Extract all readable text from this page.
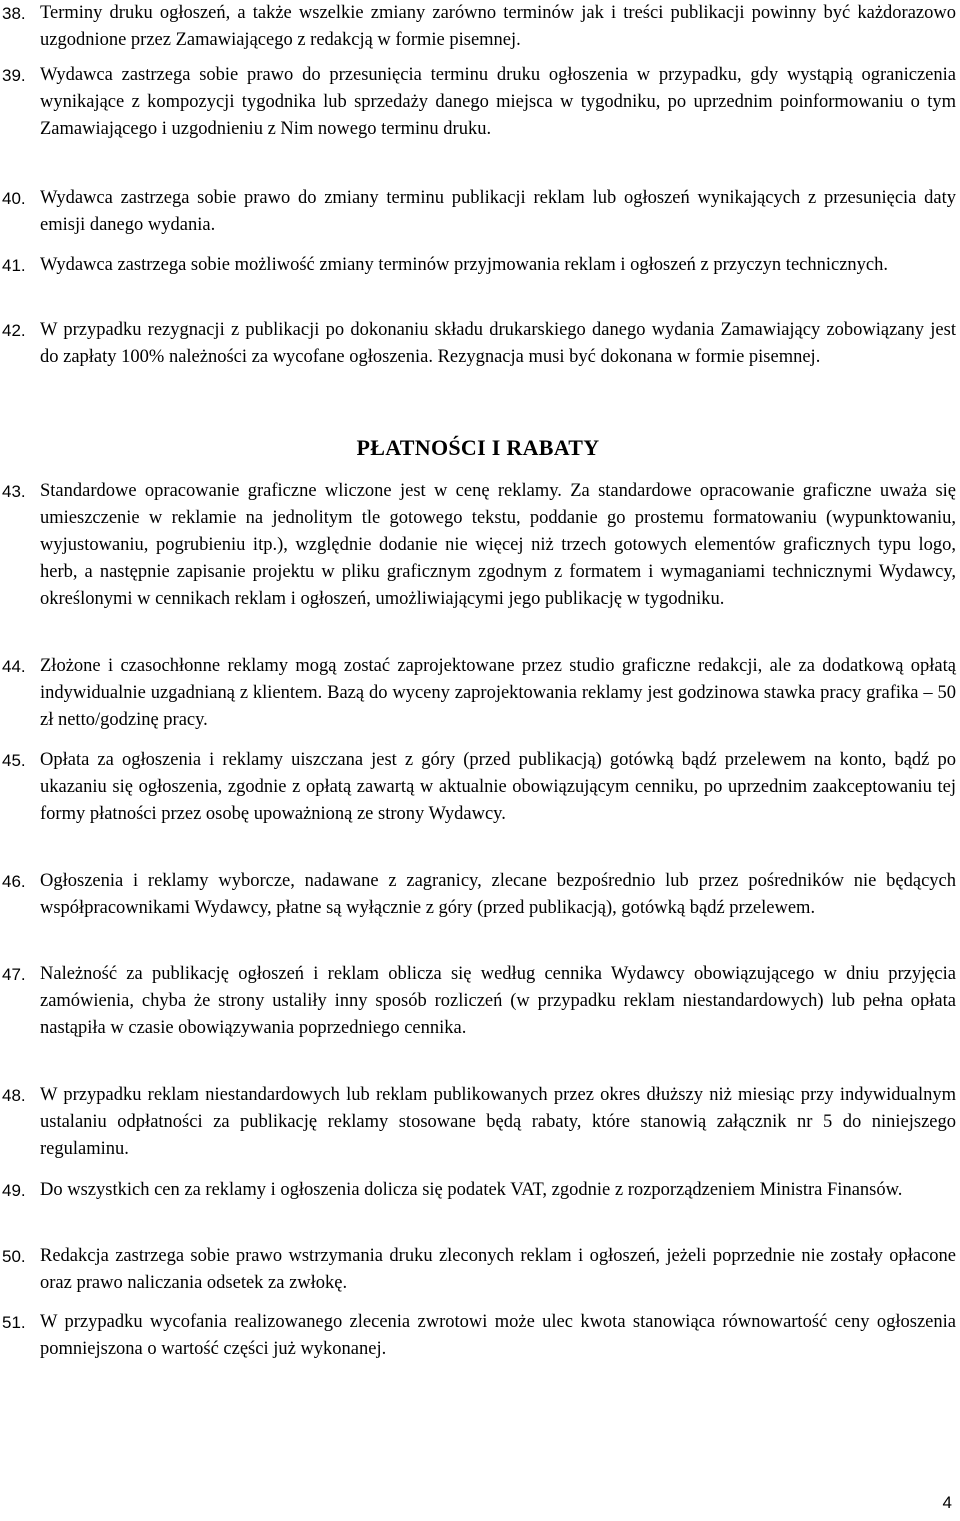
38. Terminy druku ogłoszeń, a także wszelkie zmiany zarówno terminów jak i treści publikacji powinny być każdorazowo uzgodnione przez Zamawiającego z redakcją w formie pisemnej.
39. Wydawca zastrzega sobie prawo do przesunięcia terminu druku ogłoszenia w przypadku, gdy wystąpią ograniczenia wynikające z kompozycji tygodnika lub sprzedaży danego miejsca w tygodniku, po uprzednim poinformowaniu o tym Zamawiającego i uzgodnieniu z Nim nowego terminu druku.
40. Wydawca zastrzega sobie prawo do zmiany terminu publikacji reklam lub ogłoszeń wynikających z przesunięcia daty emisji danego wydania.
41. Wydawca zastrzega sobie możliwość zmiany terminów przyjmowania reklam i ogłoszeń z przyczyn technicznych.
42. W przypadku rezygnacji z publikacji po dokonaniu składu drukarskiego danego wydania Zamawiający zobowiązany jest do zapłaty 100% należności za wycofane ogłoszenia. Rezygnacja musi być dokonana w formie pisemnej.
PŁATNOŚCI I RABATY
43. Standardowe opracowanie graficzne wliczone jest w cenę reklamy. Za standardowe opracowanie graficzne uważa się umieszczenie w reklamie na jednolitym tle gotowego tekstu, poddanie go prostemu formatowaniu (wypunktowaniu, wyjustowaniu, pogrubieniu itp.), względnie dodanie nie więcej niż trzech gotowych elementów graficznych typu logo, herb, a następnie zapisanie projektu w pliku graficznym zgodnym z formatem i wymaganiami technicznymi Wydawcy, określonymi w cennikach reklam i ogłoszeń, umożliwiającymi jego publikację w tygodniku.
44. Złożone i czasochłonne reklamy mogą zostać zaprojektowane przez studio graficzne redakcji, ale za dodatkową opłatą indywidualnie uzgadnianą z klientem. Bazą do wyceny zaprojektowania reklamy jest godzinowa stawka pracy grafika – 50 zł netto/godzinę pracy.
45. Opłata za ogłoszenia i reklamy uiszczana jest z góry (przed publikacją) gotówką bądź przelewem na konto, bądź po ukazaniu się ogłoszenia, zgodnie z opłatą zawartą w aktualnie obowiązującym cenniku, po uprzednim zaakceptowaniu tej formy płatności przez osobę upoważnioną ze strony Wydawcy.
46. Ogłoszenia i reklamy wyborcze, nadawane z zagranicy, zlecane bezpośrednio lub przez pośredników nie będących współpracownikami Wydawcy, płatne są wyłącznie z góry (przed publikacją), gotówką bądź przelewem.
47. Należność za publikację ogłoszeń i reklam oblicza się według cennika Wydawcy obowiązującego w dniu przyjęcia zamówienia, chyba że strony ustaliły inny sposób rozliczeń (w przypadku reklam niestandardowych) lub pełna opłata nastąpiła w czasie obowiązywania poprzedniego cennika.
48. W przypadku reklam niestandardowych lub reklam publikowanych przez okres dłuższy niż miesiąc przy indywidualnym ustalaniu odpłatności za publikację reklamy stosowane będą rabaty, które stanowią załącznik nr 5 do niniejszego regulaminu.
49. Do wszystkich cen za reklamy i ogłoszenia dolicza się podatek VAT, zgodnie z rozporządzeniem Ministra Finansów.
50. Redakcja zastrzega sobie prawo wstrzymania druku zleconych reklam i ogłoszeń, jeżeli poprzednie nie zostały opłacone oraz prawo naliczania odsetek za zwłokę.
51. W przypadku wycofania realizowanego zlecenia zwrotowi może ulec kwota stanowiąca równowartość ceny ogłoszenia pomniejszona o wartość części już wykonanej.
4
